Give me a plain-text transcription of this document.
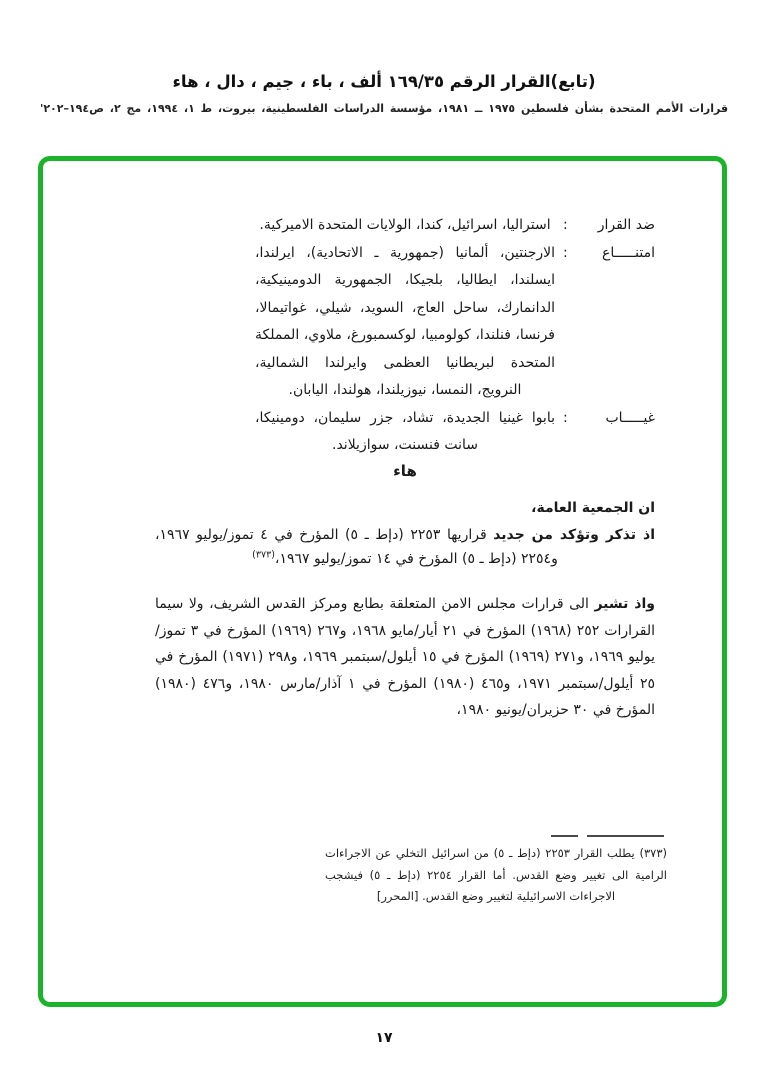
(تابع)القرار الرقم ١٦٩/٣٥ ألف ، باء ، جيم ، دال ، هاء
قرارات الأمم المتحدة بشأن فلسطين ١٩٧٥ ــ ١٩٨١، مؤسسة الدراسات الفلسطينية، بيروت، ط ١، ١٩٩٤، مج ٢، ص١٩٤–٢٠٢'
ضد القرار
:
استراليا، اسرائيل، كندا، الولايات المتحدة الاميركية.
امتنـــــاع
:
الارجنتين، ألمانيا (جمهورية ـ الاتحادية)، ايرلندا، ايسلندا، ايطاليا، بلجيكا، الجمهورية الدومينيكية، الدانمارك، ساحل العاج، السويد، شيلي، غواتيمالا، فرنسا، فنلندا، كولومبيا، لوكسمبورغ، ملاوي، المملكة المتحدة لبريطانيا العظمى وايرلندا الشمالية، النرويج، النمسا، نيوزيلندا، هولندا، اليابان.
غيـــــاب
:
بابوا غينيا الجديدة، تشاد، جزر سليمان، دومينيكا، سانت فنسنت، سوازيلاند.
هاء
ان الجمعية العامة،

اذ تذكر وتؤكد من جديد قراريها ٢٢٥٣ (دإط ـ ٥) المؤرخ في ٤ تموز/يوليو ١٩٦٧، و٢٢٥٤ (دإط ـ ٥) المؤرخ في ١٤ تموز/يوليو ١٩٦٧،$^{(٣٧٣)}$

واذ تشير الى قرارات مجلس الامن المتعلقة بطابع ومركز القدس الشريف، ولا سيما القرارات ٢٥٢ (١٩٦٨) المؤرخ في ٢١ أيار/مايو ١٩٦٨، و٢٦٧ (١٩٦٩) المؤرخ في ٣ تموز/يوليو ١٩٦٩، و٢٧١ (١٩٦٩) المؤرخ في ١٥ أيلول/سبتمبر ١٩٦٩، و٢٩٨ (١٩٧١) المؤرخ في ٢٥ أيلول/سبتمبر ١٩٧١، و٤٦٥ (١٩٨٠) المؤرخ في ١ آذار/مارس ١٩٨٠، و٤٧٦ (١٩٨٠) المؤرخ في ٣٠ حزيران/يونيو ١٩٨٠،

(٣٧٣) يطلب القرار ٢٢٥٣ (دإط ـ ٥) من اسرائيل التخلي عن الاجراءات الرامية الى تغيير وضع القدس. أما القرار ٢٢٥٤ (دإط ـ ٥) فيشجب الاجراءات الاسرائيلية لتغيير وضع القدس. [المحرر]

١٧
